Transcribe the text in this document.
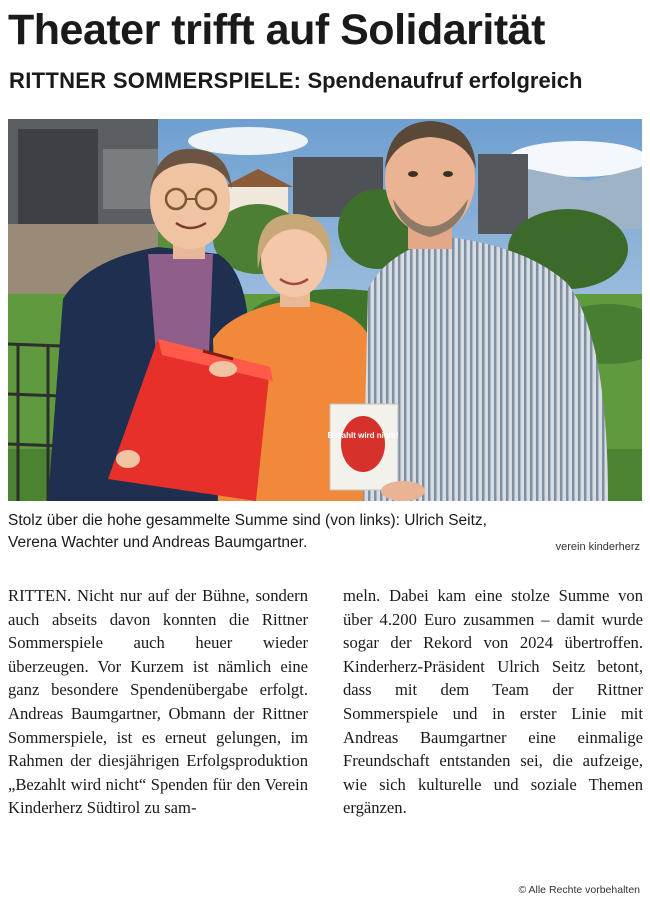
Theater trifft auf Solidarität
RITTNER SOMMERSPIELE: Spendenaufruf erfolgreich
Bezahlt wird nicht!
Stolz über die hohe gesammelte Summe sind (von links): Ulrich Seitz,
Verena Wachter und Andreas Baumgartner.	verein kinderherz
RITTEN. Nicht nur auf der Bühne, sondern auch abseits davon konnten die Rittner Sommerspiele auch heuer wieder überzeugen. Vor Kurzem ist nämlich eine ganz besondere Spendenübergabe erfolgt. Andreas Baumgartner, Obmann der Rittner Sommerspiele, ist es erneut gelungen, im Rahmen der diesjährigen Erfolgsproduktion „Bezahlt wird nicht“ Spenden für den Verein Kinderherz Südtirol zu sam-
meln. Dabei kam eine stolze Summe von über 4.200 Euro zusammen – damit wurde sogar der Rekord von 2024 übertroffen. Kinderherz-Präsident Ulrich Seitz betont, dass mit dem Team der Rittner Sommerspiele und in erster Linie mit Andreas Baumgartner eine einmalige Freundschaft entstanden sei, die aufzeige, wie sich kulturelle und soziale Themen ergänzen.
© Alle Rechte vorbehalten
